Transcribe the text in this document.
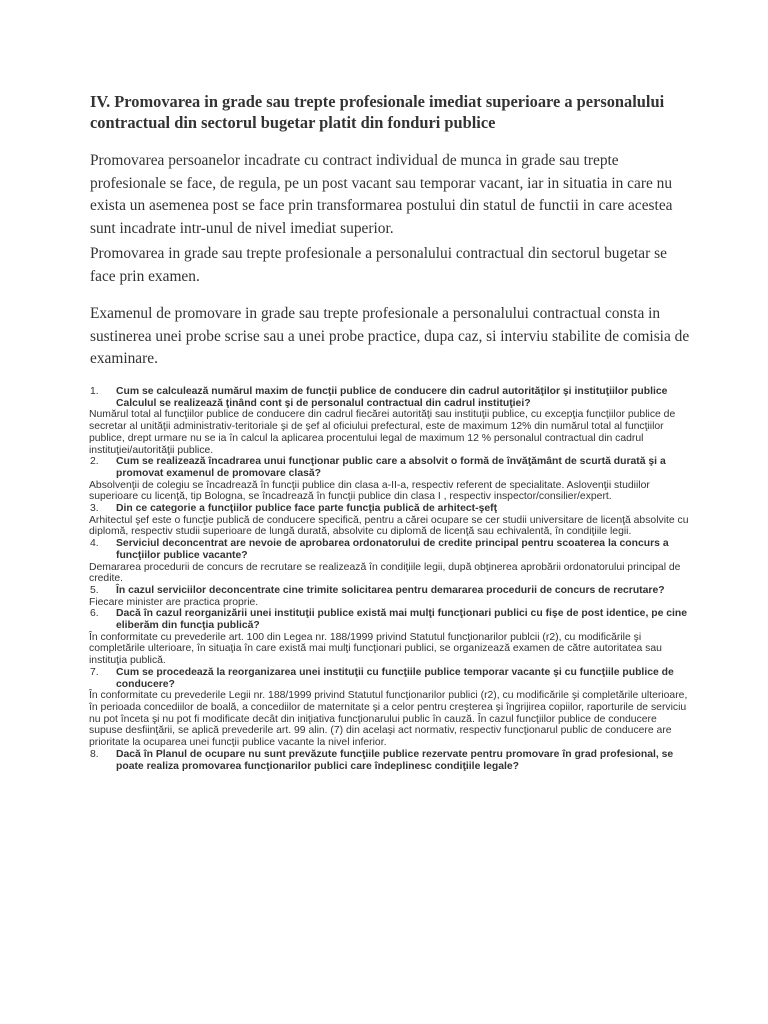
IV. Promovarea in grade sau trepte profesionale imediat superioare a personalului contractual din sectorul bugetar platit din fonduri publice

Promovarea persoanelor incadrate cu contract individual de munca in grade sau trepte profesionale se face, de regula, pe un post vacant sau temporar vacant, iar in situatia in care nu exista un asemenea post se face prin transformarea postului din statul de functii in care acestea sunt incadrate intr-unul de nivel imediat superior.

Promovarea in grade sau trepte profesionale a personalului contractual din sectorul bugetar se face prin examen.

Examenul de promovare in grade sau trepte profesionale a personalului contractual consta in sustinerea unei probe scrise sau a unei probe practice, dupa caz, si interviu stabilite de comisia de examinare.

1.	Cum se calculează numărul maxim de funcţii publice de conducere din cadrul autorităţilor şi instituţiilor publice Calculul se realizează ţinând cont şi de personalul contractual din cadrul instituţiei?

Numărul total al funcţiilor publice de conducere din cadrul fiecărei autorităţi sau instituţii publice, cu excepţia funcţiilor publice de secretar al unităţii administrativ-teritoriale şi de şef al oficiului prefectural, este de maximum 12% din numărul total al funcţiilor publice, drept urmare nu se ia în calcul la aplicarea procentului legal de maximum 12 % personalul contractual din cadrul instituţiei/autorităţii publice.

2.	Cum se realizează încadrarea unui funcţionar public care a absolvit o formă de învăţământ de scurtă durată şi a promovat examenul de promovare clasă?

Absolvenţii de colegiu se încadrează în funcţii publice din clasa a-II-a, respectiv referent de specialitate. Aslovenţii studiilor superioare cu licenţă, tip Bologna, se încadrează în funcţii publice din clasa I , respectiv inspector/consilier/expert.

3.	Din ce categorie a funcţiilor publice face parte funcţia publică de arhitect-şefţ

Arhitectul şef este o funcţie publică de conducere specifică, pentru a cărei ocupare se cer studii universitare de licenţă absolvite cu diplomă, respectiv studii superioare de lungă durată, absolvite cu diplomă de licenţă sau echivalentă, în condiţiile legii.

4.	Serviciul deconcentrat are nevoie de aprobarea ordonatorului de credite principal pentru scoaterea la concurs a funcţiilor publice vacante?

Demararea procedurii de concurs de recrutare se realizează în condiţiile legii, după obţinerea aprobării ordonatorului principal de credite.

5.	În cazul serviciilor deconcentrate cine trimite solicitarea pentru demararea procedurii de concurs de recrutare?

Fiecare minister are practica proprie.

6.	Dacă în cazul reorganizării unei instituţii publice există mai mulţi funcţionari publici cu fişe de post identice, pe cine eliberăm din funcţia publică?

În conformitate cu prevederile art. 100 din Legea nr. 188/1999 privind Statutul funcţionarilor publcii (r2), cu modificările şi completările ulterioare, în situaţia în care există mai mulţi funcţionari publici, se organizează examen de către autoritatea sau instituţia publică.

7.	Cum se procedează la reorganizarea unei instituţii cu funcţiile publice temporar vacante şi cu funcţiile publice de conducere?

În conformitate cu prevederile Legii nr. 188/1999 privind Statutul funcţionarilor publici (r2), cu modificările şi completările ulterioare, în perioada concediilor de boală, a concediilor de maternitate şi a celor pentru creşterea şi îngrijirea copiilor, raporturile de serviciu nu pot înceta şi nu pot fi modificate decât din iniţiativa funcţionarului public în cauză. În cazul funcţiilor publice de conducere supuse desfiinţării, se aplică prevederile art. 99 alin. (7) din acelaşi act normativ, respectiv funcţionarul public de conducere are prioritate la ocuparea unei funcţii publice vacante la nivel inferior.

8.	Dacă în Planul de ocupare nu sunt prevăzute funcţiile publice rezervate pentru promovare în grad profesional, se poate realiza promovarea funcţionarilor publici care îndeplinesc condiţiile legale?
